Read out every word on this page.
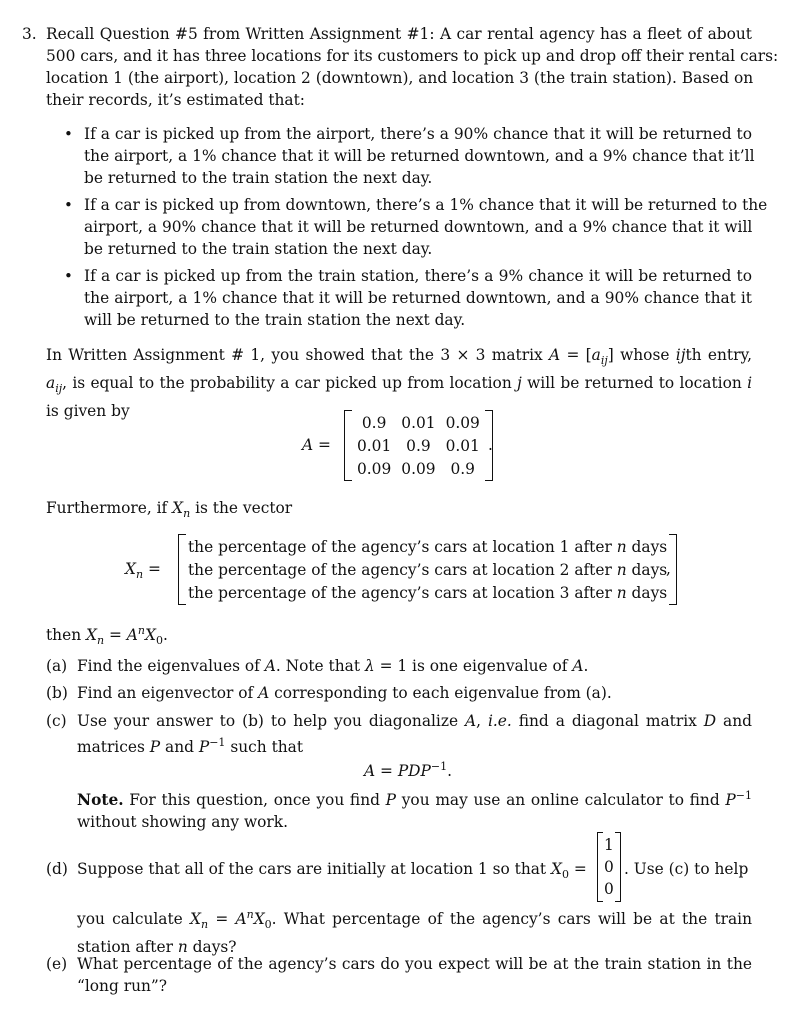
3. Recall Question #5 from Written Assignment #1: A car rental agency has a fleet of about
500 cars, and it has three locations for its customers to pick up and drop off their rental cars:
location 1 (the airport), location 2 (downtown), and location 3 (the train station). Based on
their records, it’s estimated that:
• If a car is picked up from the airport, there’s a 90% chance that it will be returned to
the airport, a 1% chance that it will be returned downtown, and a 9% chance that it’ll
be returned to the train station the next day.
• If a car is picked up from downtown, there’s a 1% chance that it will be returned to the
airport, a 90% chance that it will be returned downtown, and a 9% chance that it will
be returned to the train station the next day.
• If a car is picked up from the train station, there’s a 9% chance it will be returned to
the airport, a 1% chance that it will be returned downtown, and a 90% chance that it
will be returned to the train station the next day.
In Written Assignment # 1, you showed that the 3 × 3 matrix $A = [a_{ij}]$ whose ijth entry,
$a_{ij}$, is equal to the probability a car picked up from location j will be returned to location i
is given by
A =
0.9	0.01	0.09
0.01	0.9	0.01
0.09	0.09	0.9
.
Furthermore, if $X_n$ is the vector
$X_n$ =
the percentage of the agency’s cars at location 1 after n days
the percentage of the agency’s cars at location 2 after n days
the percentage of the agency’s cars at location 3 after n days
,
then $X_n = A^nX_0$.
(a) Find the eigenvalues of A. Note that λ = 1 is one eigenvalue of A.
(b) Find an eigenvector of A corresponding to each eigenvalue from (a).
(c) Use your answer to (b) to help you diagonalize A, i.e. find a diagonal matrix D and
matrices P and $P^{-1}$ such that
$A = PDP^{-1}$.
Note. For this question, once you find P you may use an online calculator to find $P^{-1}$
without showing any work.
(d) Suppose that all of the cars are initially at location 1 so that $X_0$ =
1
0
0
. Use (c) to help
you calculate $X_n = A^nX_0$. What percentage of the agency’s cars will be at the train
station after n days?
(e) What percentage of the agency’s cars do you expect will be at the train station in the
“long run”?
